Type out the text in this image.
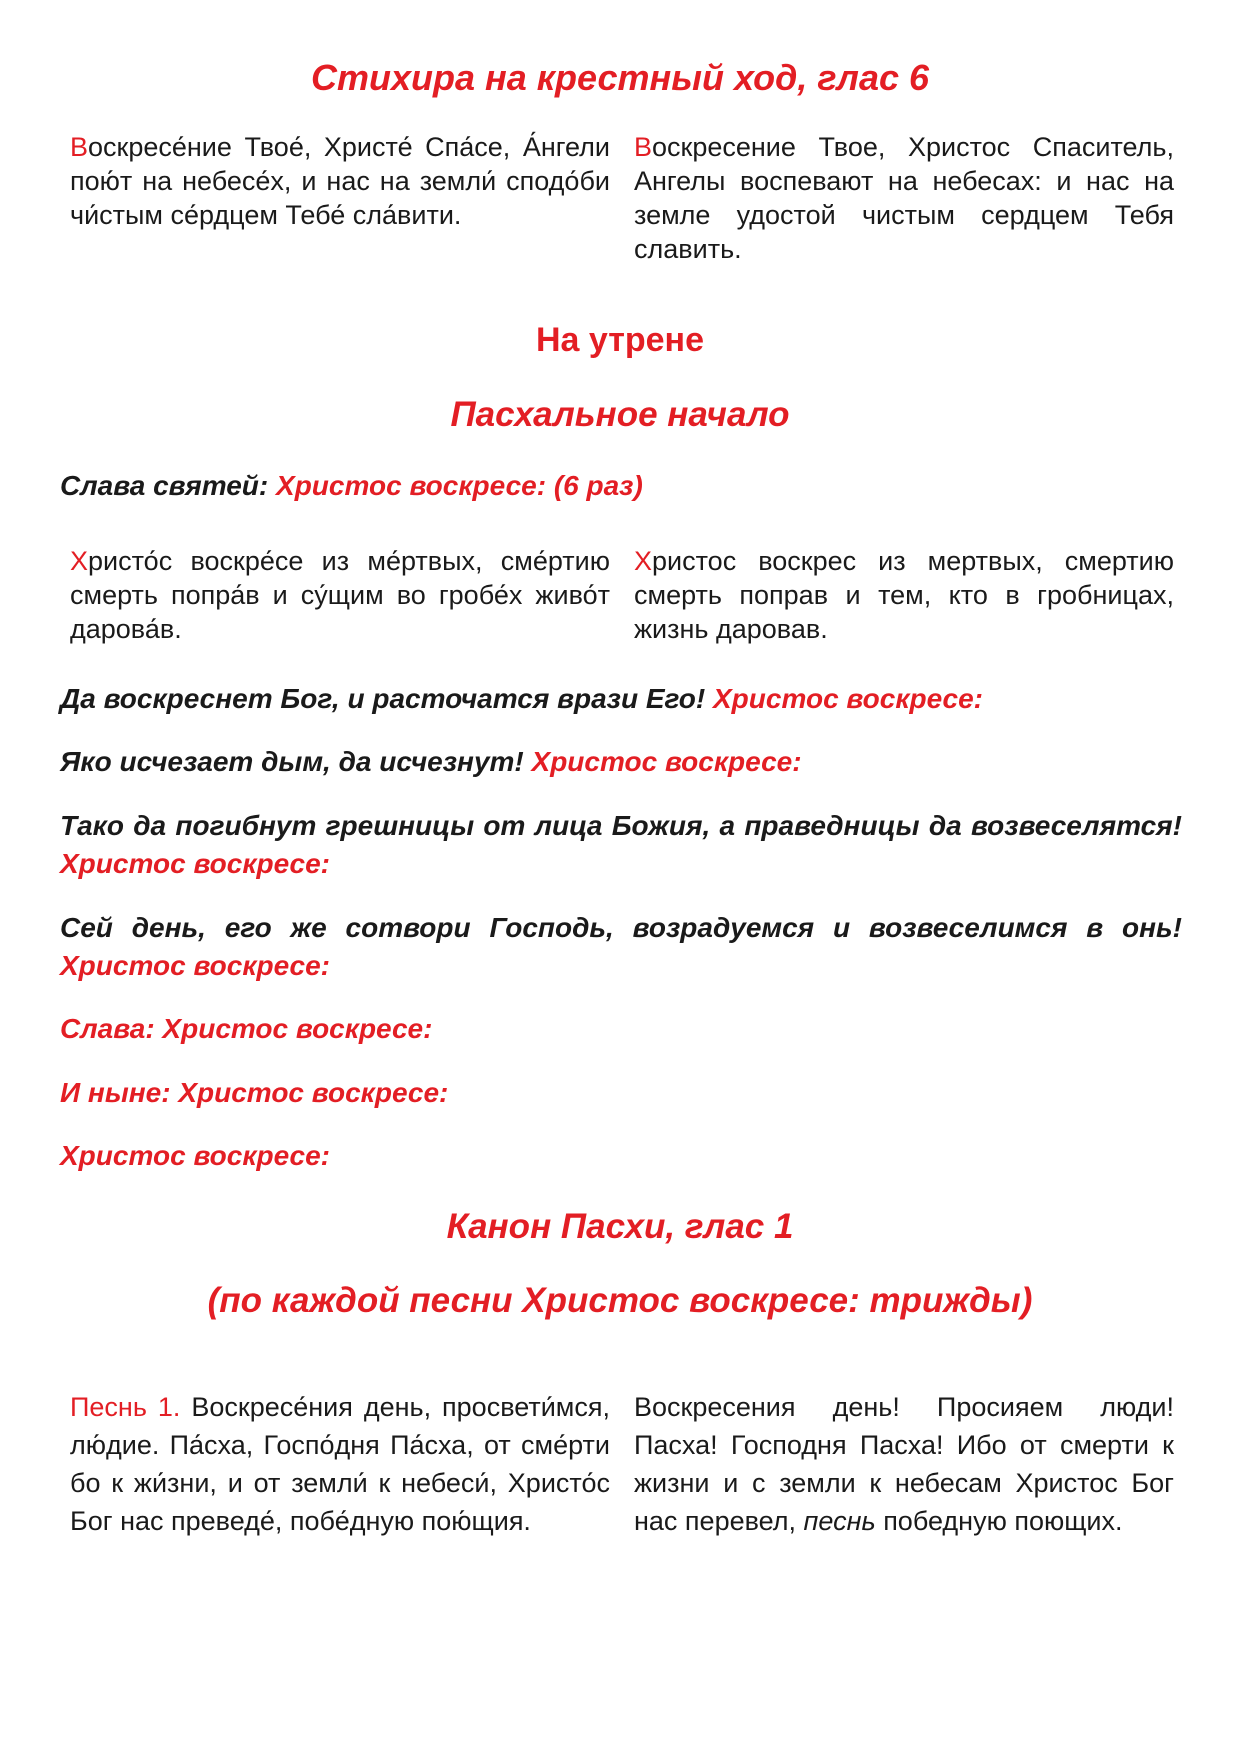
Стихира на крестный ход, глас 6
Воскресе́ние Твое́, Христе́ Спа́се, А́нгели пою́т на небесе́х, и нас на земли́ сподо́би чи́стым се́рдцем Тебе́ сла́вити.
Воскресение Твое, Христос Спаситель, Ангелы воспевают на небесах: и нас на земле удостой чистым сердцем Тебя славить.
На утрене
Пасхальное начало

Слава святей: Христос воскресе: (6 раз)

Христо́с воскре́се из ме́ртвых, сме́ртию смерть попра́в и су́щим во гробе́х живо́т дарова́в.
Христос воскрес из мертвых, смертию смерть поправ и тем, кто в гробницах, жизнь даровав.

Да воскреснет Бог, и расточатся врази Его! Христос воскресе:

Яко исчезает дым, да исчезнут! Христос воскресе:

Тако да погибнут грешницы от лица Божия, а праведницы да возвеселятся! Христос воскресе:

Сей день, его же сотвори Господь, возрадуемся и возвеселимся в онь! Христос воскресе:

Слава: Христос воскресе:

И ныне: Христос воскресе:

Христос воскресе:

Канон Пасхи, глас 1
(по каждой песни Христос воскресе: трижды)
Песнь 1. Воскресе́ния день, просвети́мся, лю́дие. Па́сха, Госпо́дня Па́сха, от сме́рти бо к жи́зни, и от земли́ к небеси́, Христо́с Бог нас преведе́, побе́дную пою́щия.
Воскресения день! Просияем люди! Пасха! Господня Пасха! Ибо от смерти к жизни и с земли к небесам Христос Бог нас перевел, песнь победную поющих.
